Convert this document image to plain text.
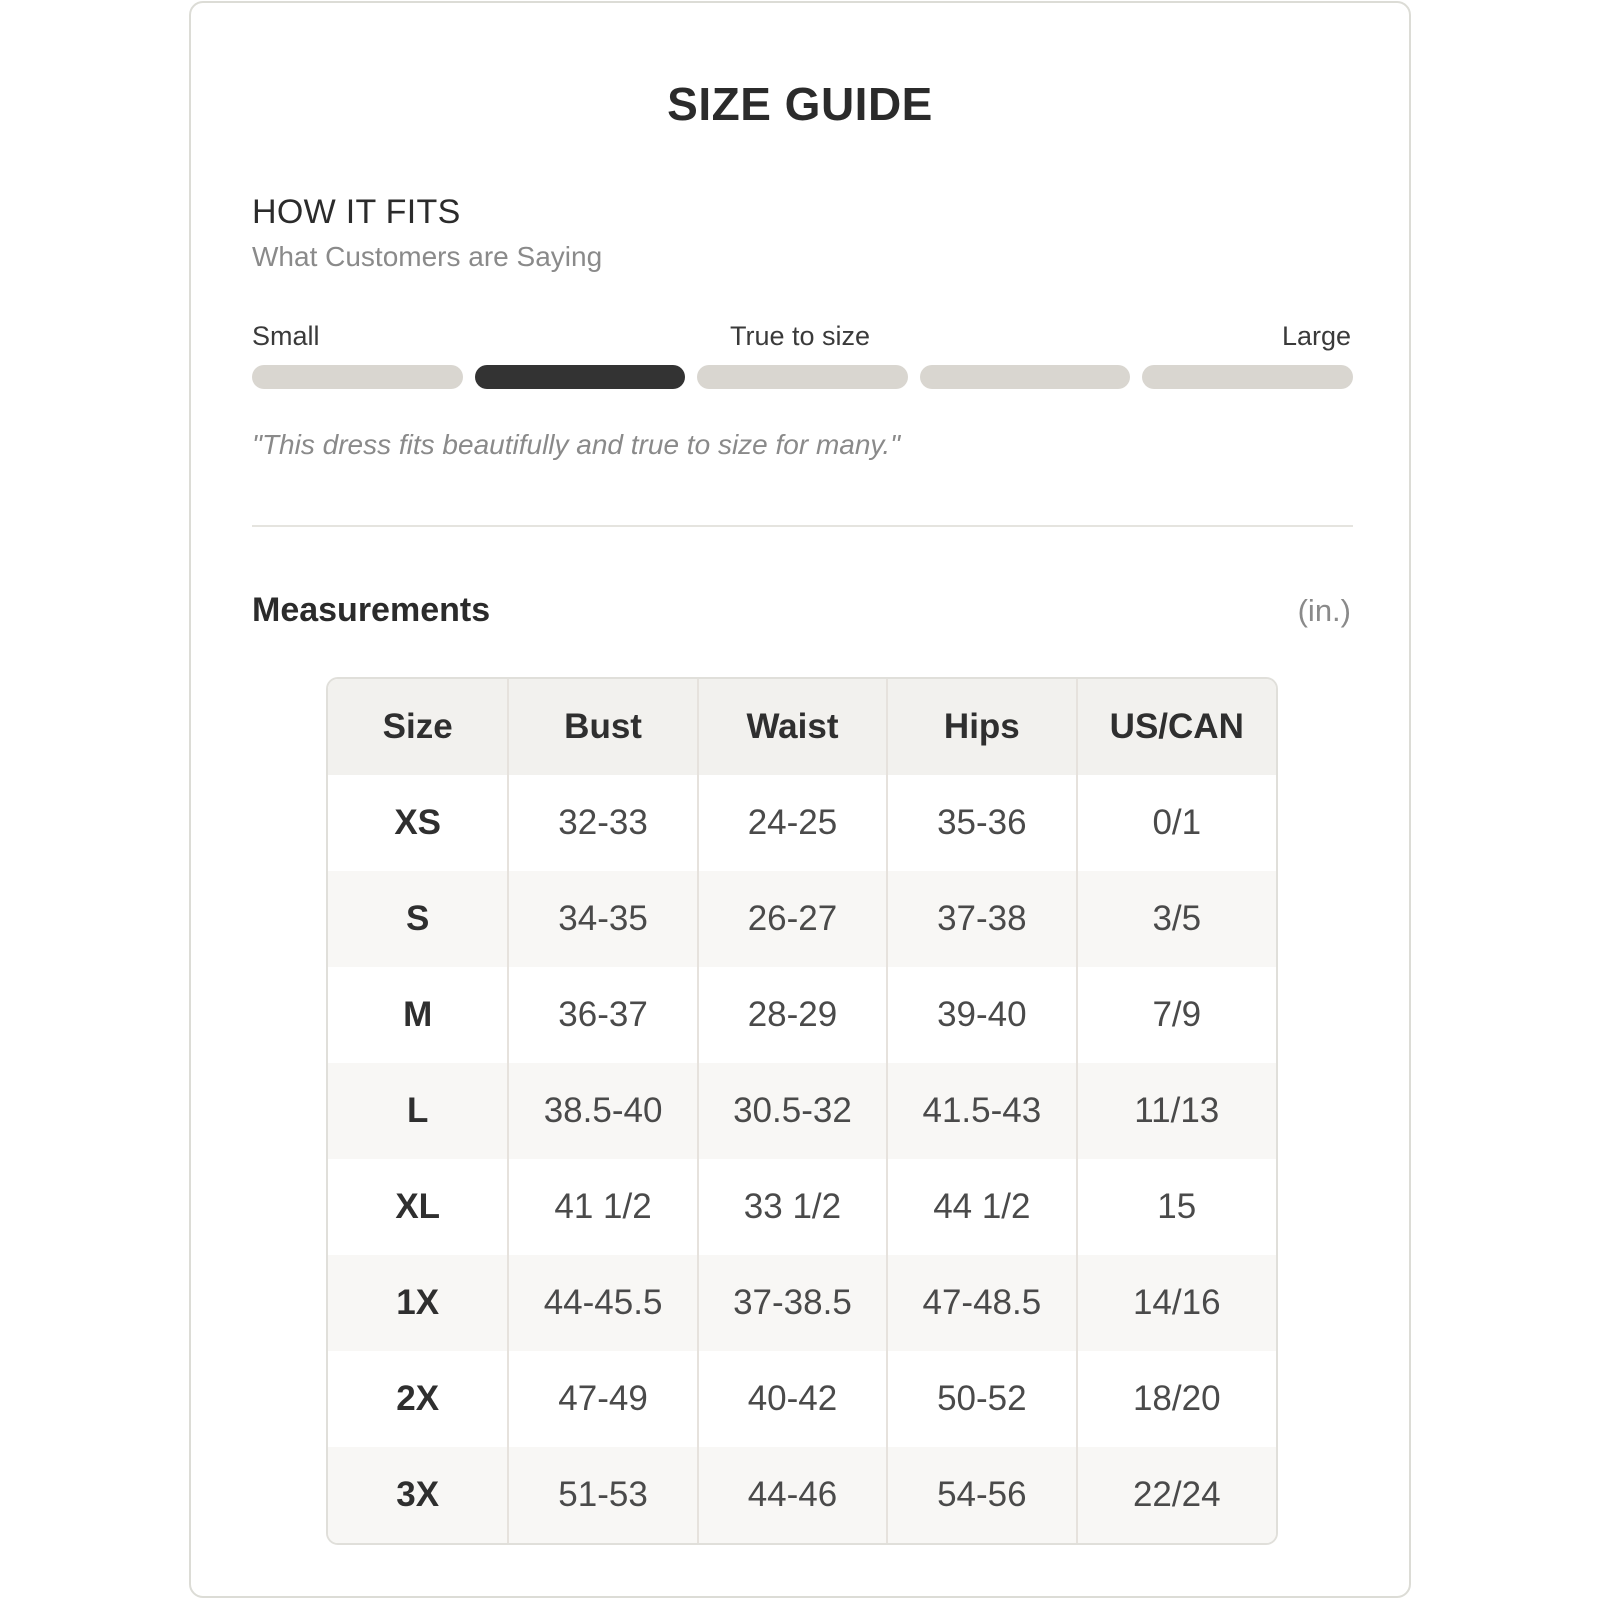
SIZE GUIDE
HOW IT FITS
What Customers are Saying
Small	True to size	Large
"This dress fits beautifully and true to size for many."
Measurements	(in.)
Size	Bust	Waist	Hips	US/CAN
XS	32-33	24-25	35-36	0/1
S	34-35	26-27	37-38	3/5
M	36-37	28-29	39-40	7/9
L	38.5-40	30.5-32	41.5-43	11/13
XL	41 1/2	33 1/2	44 1/2	15
1X	44-45.5	37-38.5	47-48.5	14/16
2X	47-49	40-42	50-52	18/20
3X	51-53	44-46	54-56	22/24
